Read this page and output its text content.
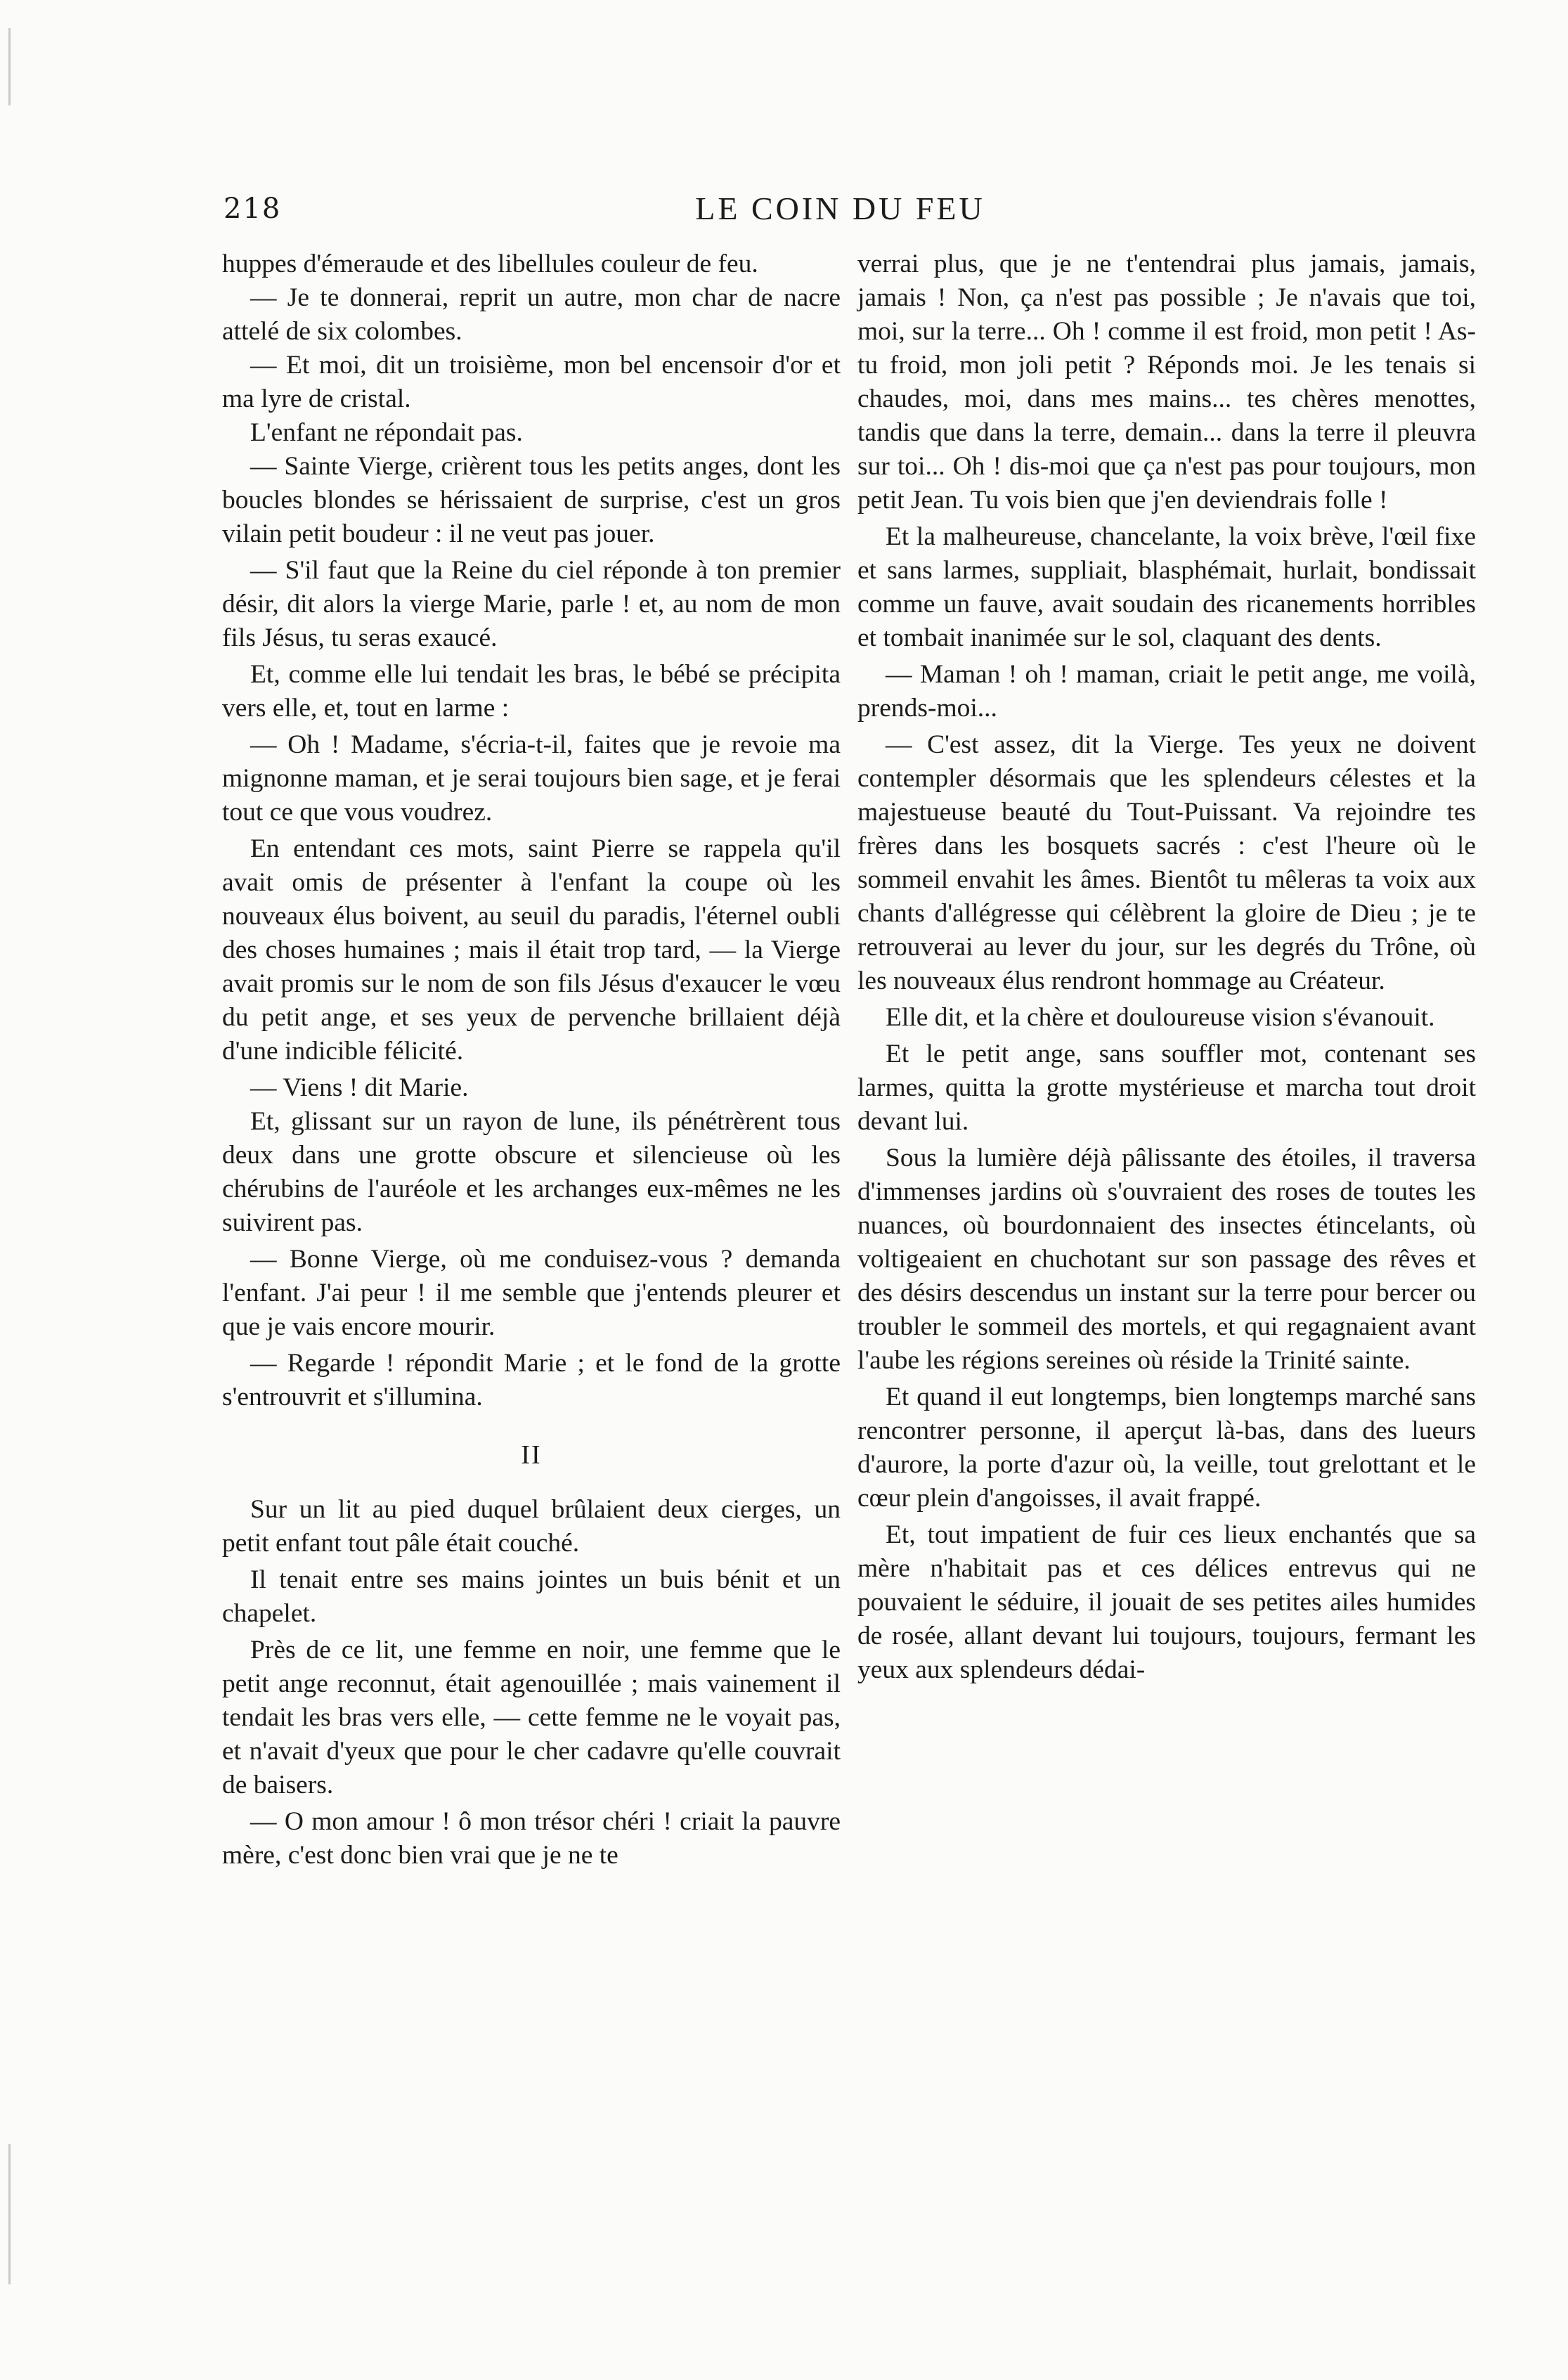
218	LE COIN DU FEU

huppes d'émeraude et des libellules couleur de feu.

— Je te donnerai, reprit un autre, mon char de nacre attelé de six colombes.

— Et moi, dit un troisième, mon bel encensoir d'or et ma lyre de cristal.

L'enfant ne répondait pas.

— Sainte Vierge, crièrent tous les petits anges, dont les boucles blondes se hérissaient de surprise, c'est un gros vilain petit boudeur : il ne veut pas jouer.

— S'il faut que la Reine du ciel réponde à ton premier désir, dit alors la vierge Marie, parle ! et, au nom de mon fils Jésus, tu seras exaucé.

Et, comme elle lui tendait les bras, le bébé se précipita vers elle, et, tout en larme :

— Oh ! Madame, s'écria-t-il, faites que je revoie ma mignonne maman, et je serai toujours bien sage, et je ferai tout ce que vous voudrez.

En entendant ces mots, saint Pierre se rappela qu'il avait omis de présenter à l'enfant la coupe où les nouveaux élus boivent, au seuil du paradis, l'éternel oubli des choses humaines ; mais il était trop tard, — la Vierge avait promis sur le nom de son fils Jésus d'exaucer le vœu du petit ange, et ses yeux de pervenche brillaient déjà d'une indicible félicité.

— Viens ! dit Marie.

Et, glissant sur un rayon de lune, ils pénétrèrent tous deux dans une grotte obscure et silencieuse où les chérubins de l'auréole et les archanges eux-mêmes ne les suivirent pas.

— Bonne Vierge, où me conduisez-vous ? demanda l'enfant. J'ai peur ! il me semble que j'entends pleurer et que je vais encore mourir.

— Regarde ! répondit Marie ; et le fond de la grotte s'entrouvrit et s'illumina.

II

Sur un lit au pied duquel brûlaient deux cierges, un petit enfant tout pâle était couché.

Il tenait entre ses mains jointes un buis bénit et un chapelet.

Près de ce lit, une femme en noir, une femme que le petit ange reconnut, était agenouillée ; mais vainement il tendait les bras vers elle, — cette femme ne le voyait pas, et n'avait d'yeux que pour le cher cadavre qu'elle couvrait de baisers.

— O mon amour ! ô mon trésor chéri ! criait la pauvre mère, c'est donc bien vrai que je ne te

verrai plus, que je ne t'entendrai plus jamais, jamais, jamais ! Non, ça n'est pas possible ; Je n'avais que toi, moi, sur la terre... Oh ! comme il est froid, mon petit ! As-tu froid, mon joli petit ? Réponds moi. Je les tenais si chaudes, moi, dans mes mains... tes chères menottes, tandis que dans la terre, demain... dans la terre il pleuvra sur toi... Oh ! dis-moi que ça n'est pas pour toujours, mon petit Jean. Tu vois bien que j'en deviendrais folle !

Et la malheureuse, chancelante, la voix brève, l'œil fixe et sans larmes, suppliait, blasphémait, hurlait, bondissait comme un fauve, avait soudain des ricanements horribles et tombait inanimée sur le sol, claquant des dents.

— Maman ! oh ! maman, criait le petit ange, me voilà, prends-moi...

— C'est assez, dit la Vierge. Tes yeux ne doivent contempler désormais que les splendeurs célestes et la majestueuse beauté du Tout-Puissant. Va rejoindre tes frères dans les bosquets sacrés : c'est l'heure où le sommeil envahit les âmes. Bientôt tu mêleras ta voix aux chants d'allégresse qui célèbrent la gloire de Dieu ; je te retrouverai au lever du jour, sur les degrés du Trône, où les nouveaux élus rendront hommage au Créateur.

Elle dit, et la chère et douloureuse vision s'évanouit.

Et le petit ange, sans souffler mot, contenant ses larmes, quitta la grotte mystérieuse et marcha tout droit devant lui.

Sous la lumière déjà pâlissante des étoiles, il traversa d'immenses jardins où s'ouvraient des roses de toutes les nuances, où bourdonnaient des insectes étincelants, où voltigeaient en chuchotant sur son passage des rêves et des désirs descendus un instant sur la terre pour bercer ou troubler le sommeil des mortels, et qui regagnaient avant l'aube les régions sereines où réside la Trinité sainte.

Et quand il eut longtemps, bien longtemps marché sans rencontrer personne, il aperçut là-bas, dans des lueurs d'aurore, la porte d'azur où, la veille, tout grelottant et le cœur plein d'angoisses, il avait frappé.

Et, tout impatient de fuir ces lieux enchantés que sa mère n'habitait pas et ces délices entrevus qui ne pouvaient le séduire, il jouait de ses petites ailes humides de rosée, allant devant lui toujours, toujours, fermant les yeux aux splendeurs dédai-
